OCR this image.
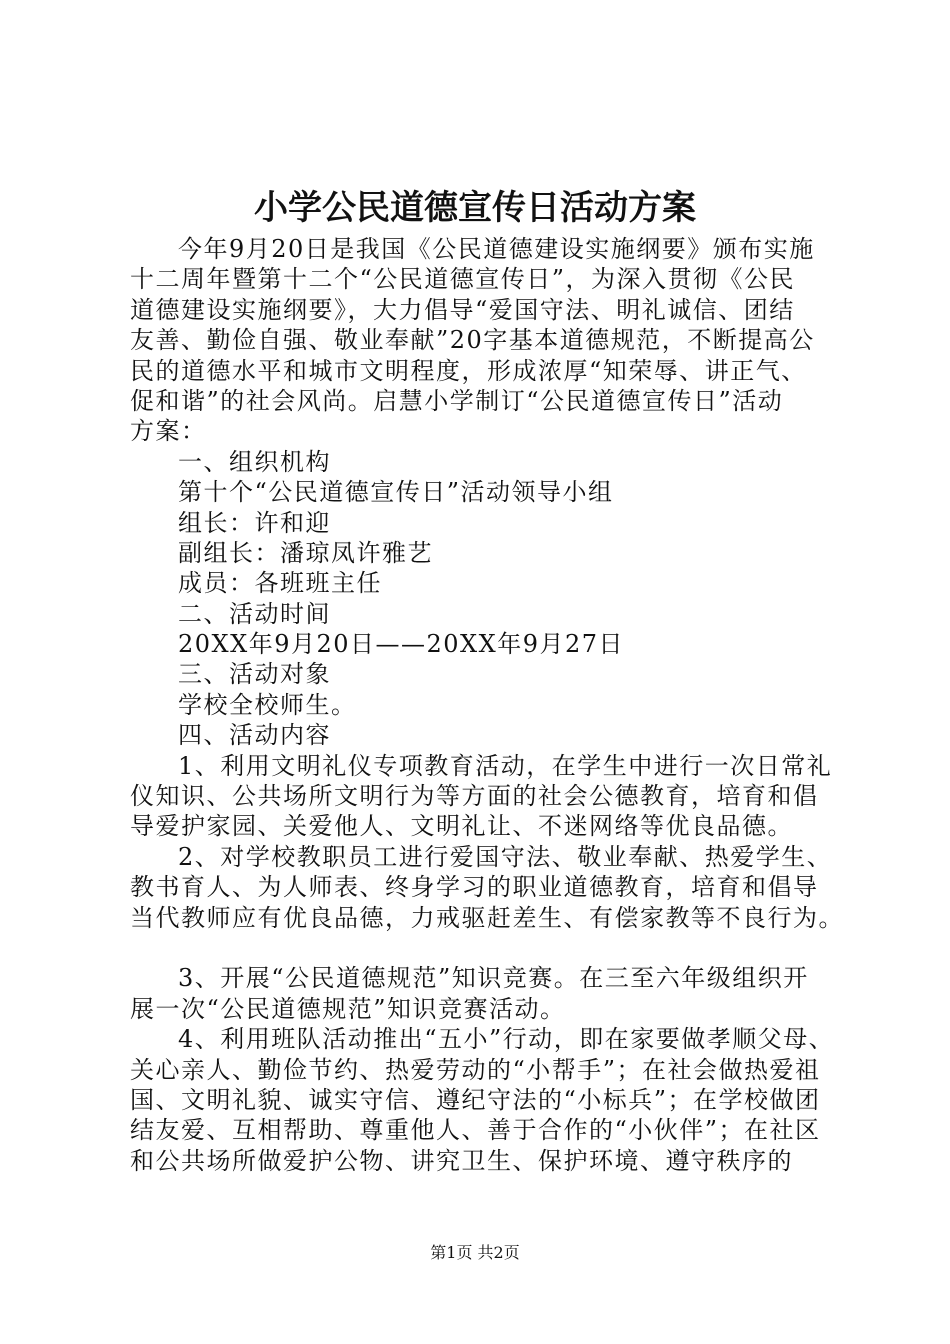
小学公民道德宣传日活动方案
今年9月20日是我国《公民道德建设实施纲要》颁布实施
十二周年暨第十二个“公民道德宣传日”，为深入贯彻《公民
道德建设实施纲要》，大力倡导“爱国守法、明礼诚信、团结
友善、勤俭自强、敬业奉献”20字基本道德规范，不断提高公
民的道德水平和城市文明程度，形成浓厚“知荣辱、讲正气、
促和谐”的社会风尚。启慧小学制订“公民道德宣传日”活动
方案：
一、组织机构
第十个“公民道德宣传日”活动领导小组
组长：许和迎
副组长：潘琼凤许雅艺
成员：各班班主任
二、活动时间
20XX年9月20日——20XX年9月27日
三、活动对象
学校全校师生。
四、活动内容
1、利用文明礼仪专项教育活动，在学生中进行一次日常礼
仪知识、公共场所文明行为等方面的社会公德教育，培育和倡
导爱护家园、关爱他人、文明礼让、不迷网络等优良品德。
2、对学校教职员工进行爱国守法、敬业奉献、热爱学生、
教书育人、为人师表、终身学习的职业道德教育，培育和倡导
当代教师应有优良品德，力戒驱赶差生、有偿家教等不良行为。
3、开展“公民道德规范”知识竞赛。在三至六年级组织开
展一次“公民道德规范”知识竞赛活动。
4、利用班队活动推出“五小”行动，即在家要做孝顺父母、
关心亲人、勤俭节约、热爱劳动的“小帮手”；在社会做热爱祖
国、文明礼貌、诚实守信、遵纪守法的“小标兵”；在学校做团
结友爱、互相帮助、尊重他人、善于合作的“小伙伴”；在社区
和公共场所做爱护公物、讲究卫生、保护环境、遵守秩序的
第1页 共2页
